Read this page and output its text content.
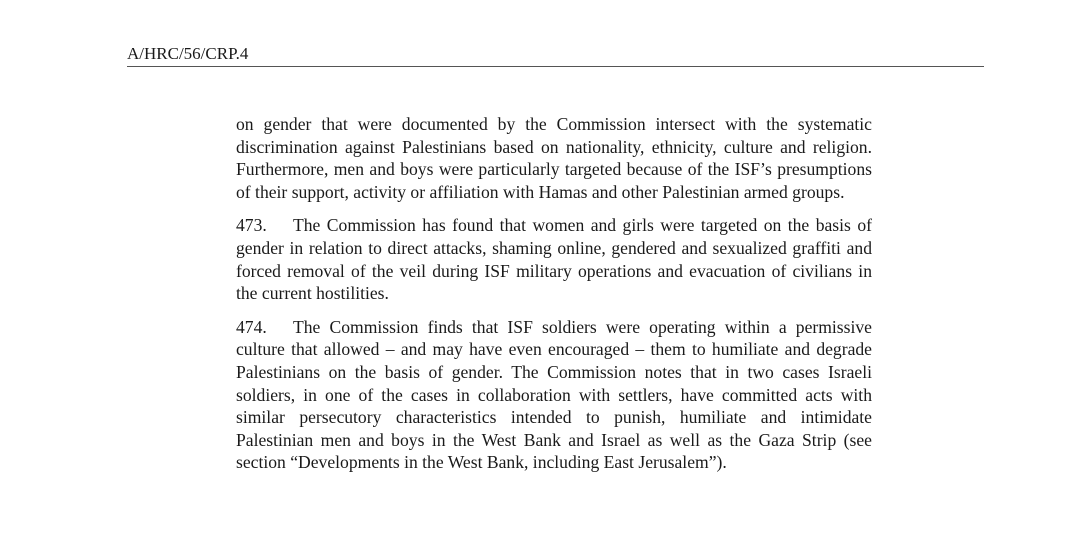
A/HRC/56/CRP.4

on gender that were documented by the Commission intersect with the systematic discrimination against Palestinians based on nationality, ethnicity, culture and religion. Furthermore, men and boys were particularly targeted because of the ISF’s presumptions of their support, activity or affiliation with Hamas and other Palestinian armed groups.

473. The Commission has found that women and girls were targeted on the basis of gender in relation to direct attacks, shaming online, gendered and sexualized graffiti and forced removal of the veil during ISF military operations and evacuation of civilians in the current hostilities.

474. The Commission finds that ISF soldiers were operating within a permissive culture that allowed – and may have even encouraged – them to humiliate and degrade Palestinians on the basis of gender. The Commission notes that in two cases Israeli soldiers, in one of the cases in collaboration with settlers, have committed acts with similar persecutory characteristics intended to punish, humiliate and intimidate Palestinian men and boys in the West Bank and Israel as well as the Gaza Strip (see section “Developments in the West Bank, including East Jerusalem”).
